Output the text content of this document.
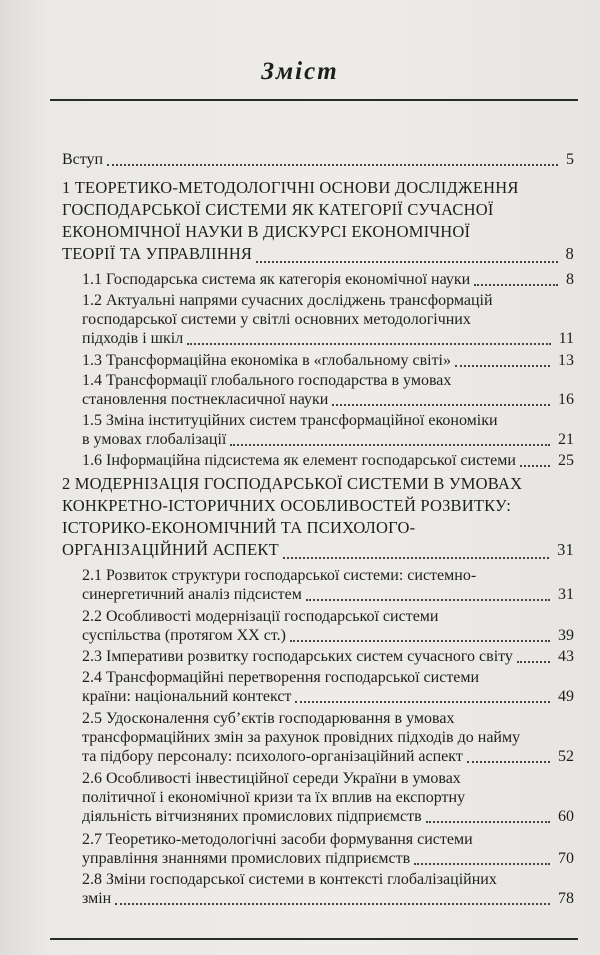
Зміст
Вступ	5
1 ТЕОРЕТИКО-МЕТОДОЛОГІЧНІ ОСНОВИ ДОСЛІДЖЕННЯ
ГОСПОДАРСЬКОЇ СИСТЕМИ ЯК КАТЕГОРІЇ СУЧАСНОЇ
ЕКОНОМІЧНОЇ НАУКИ В ДИСКУРСІ ЕКОНОМІЧНОЇ
ТЕОРІЇ ТА УПРАВЛІННЯ	8
1.1 Господарська система як категорія економічної науки	8
1.2 Актуальні напрями сучасних досліджень трансформацій
господарської системи у світлі основних методологічних
підходів і шкіл	11
1.3 Трансформаційна економіка в «глобальному світі»	13
1.4 Трансформації глобального господарства в умовах
становлення постнекласичної науки	16
1.5 Зміна інституційних систем трансформаційної економіки
в умовах глобалізації	21
1.6 Інформаційна підсистема як елемент господарської системи	25
2 МОДЕРНІЗАЦІЯ ГОСПОДАРСЬКОЇ СИСТЕМИ В УМОВАХ
КОНКРЕТНО-ІСТОРИЧНИХ ОСОБЛИВОСТЕЙ РОЗВИТКУ:
ІСТОРИКО-ЕКОНОМІЧНИЙ ТА ПСИХОЛОГО-
ОРГАНІЗАЦІЙНИЙ АСПЕКТ	31
2.1 Розвиток структури господарської системи: системно-
синергетичний аналіз підсистем	31
2.2 Особливості модернізації господарської системи
суспільства (протягом XX ст.)	39
2.3 Імперативи розвитку господарських систем сучасного світу	43
2.4 Трансформаційні перетворення господарської системи
країни: національний контекст	49
2.5 Удосконалення суб’єктів господарювання в умовах
трансформаційних змін за рахунок провідних підходів до найму
та підбору персоналу: психолого-організаційний аспект	52
2.6 Особливості інвестиційної середи України в умовах
політичної і економічної кризи та їх вплив на експортну
діяльність вітчизняних промислових підприємств	60
2.7 Теоретико-методологічні засоби формування системи
управління знаннями промислових підприємств	70
2.8 Зміни господарської системи в контексті глобалізаційних
змін	78
